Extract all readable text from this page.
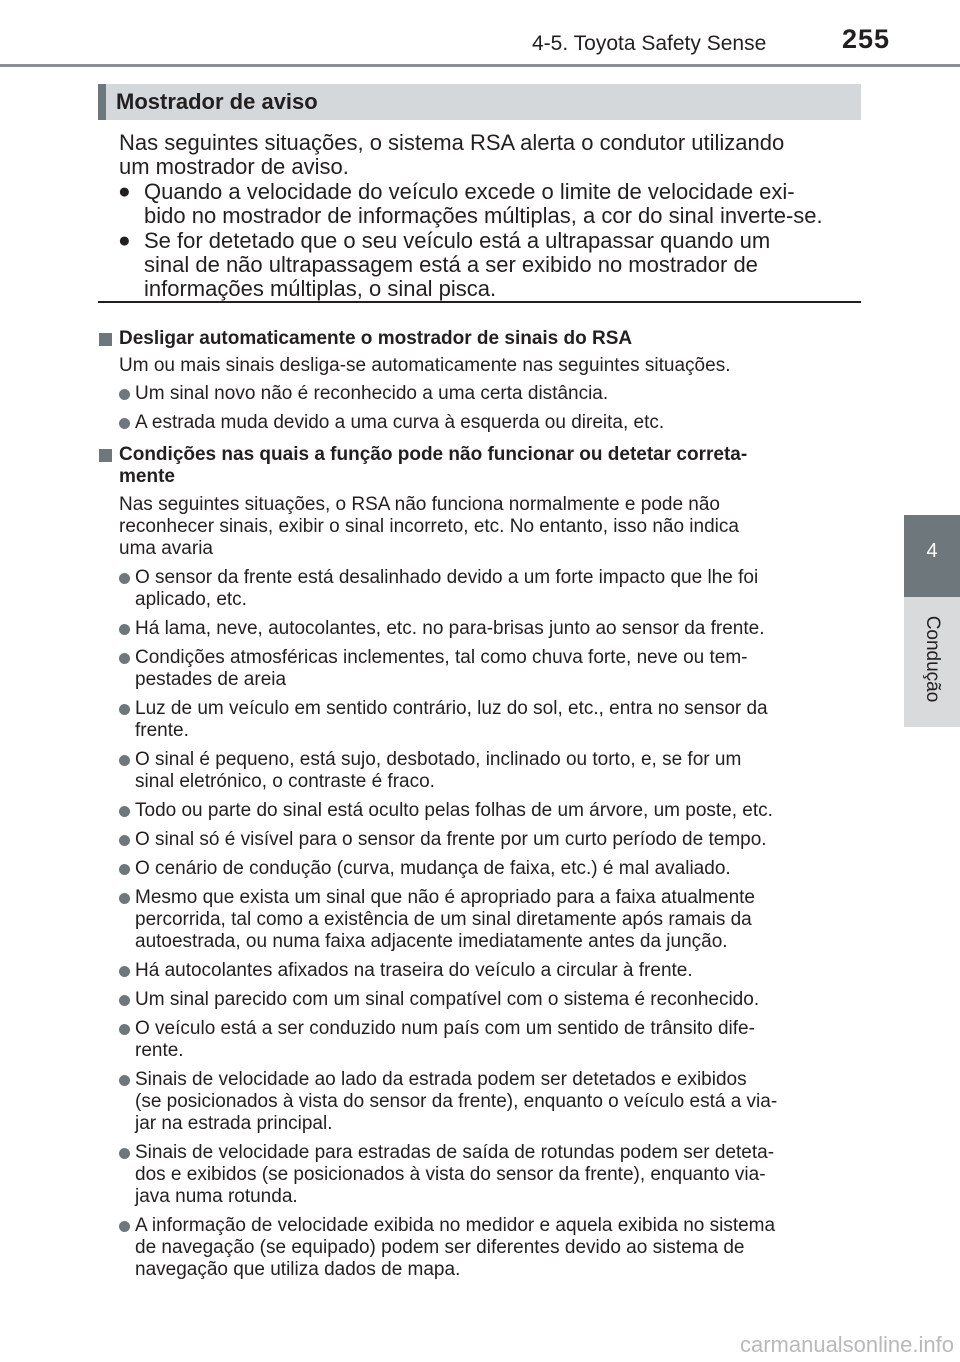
4-5. Toyota Safety Sense	255
4
Condução
Mostrador de aviso
Nas seguintes situações, o sistema RSA alerta o condutor utilizando
um mostrador de aviso.
● Quando a velocidade do veículo excede o limite de velocidade exi-
bido no mostrador de informações múltiplas, a cor do sinal inverte-se.
● Se for detetado que o seu veículo está a ultrapassar quando um
sinal de não ultrapassagem está a ser exibido no mostrador de
informações múltiplas, o sinal pisca.
Desligar automaticamente o mostrador de sinais do RSA
Um ou mais sinais desliga-se automaticamente nas seguintes situações.
Um sinal novo não é reconhecido a uma certa distância.
A estrada muda devido a uma curva à esquerda ou direita, etc.
Condições nas quais a função pode não funcionar ou detetar correta-
mente
Nas seguintes situações, o RSA não funciona normalmente e pode não
reconhecer sinais, exibir o sinal incorreto, etc. No entanto, isso não indica
uma avaria
O sensor da frente está desalinhado devido a um forte impacto que lhe foi
aplicado, etc.
Há lama, neve, autocolantes, etc. no para-brisas junto ao sensor da frente.
Condições atmosféricas inclementes, tal como chuva forte, neve ou tem-
pestades de areia
Luz de um veículo em sentido contrário, luz do sol, etc., entra no sensor da
frente.
O sinal é pequeno, está sujo, desbotado, inclinado ou torto, e, se for um
sinal eletrónico, o contraste é fraco.
Todo ou parte do sinal está oculto pelas folhas de um árvore, um poste, etc.
O sinal só é visível para o sensor da frente por um curto período de tempo.
O cenário de condução (curva, mudança de faixa, etc.) é mal avaliado.
Mesmo que exista um sinal que não é apropriado para a faixa atualmente
percorrida, tal como a existência de um sinal diretamente após ramais da
autoestrada, ou numa faixa adjacente imediatamente antes da junção.
Há autocolantes afixados na traseira do veículo a circular à frente.
Um sinal parecido com um sinal compatível com o sistema é reconhecido.
O veículo está a ser conduzido num país com um sentido de trânsito dife-
rente.
Sinais de velocidade ao lado da estrada podem ser detetados e exibidos
(se posicionados à vista do sensor da frente), enquanto o veículo está a via-
jar na estrada principal.
Sinais de velocidade para estradas de saída de rotundas podem ser deteta-
dos e exibidos (se posicionados à vista do sensor da frente), enquanto via-
java numa rotunda.
A informação de velocidade exibida no medidor e aquela exibida no sistema
de navegação (se equipado) podem ser diferentes devido ao sistema de
navegação que utiliza dados de mapa.
carmanualsonline.info
